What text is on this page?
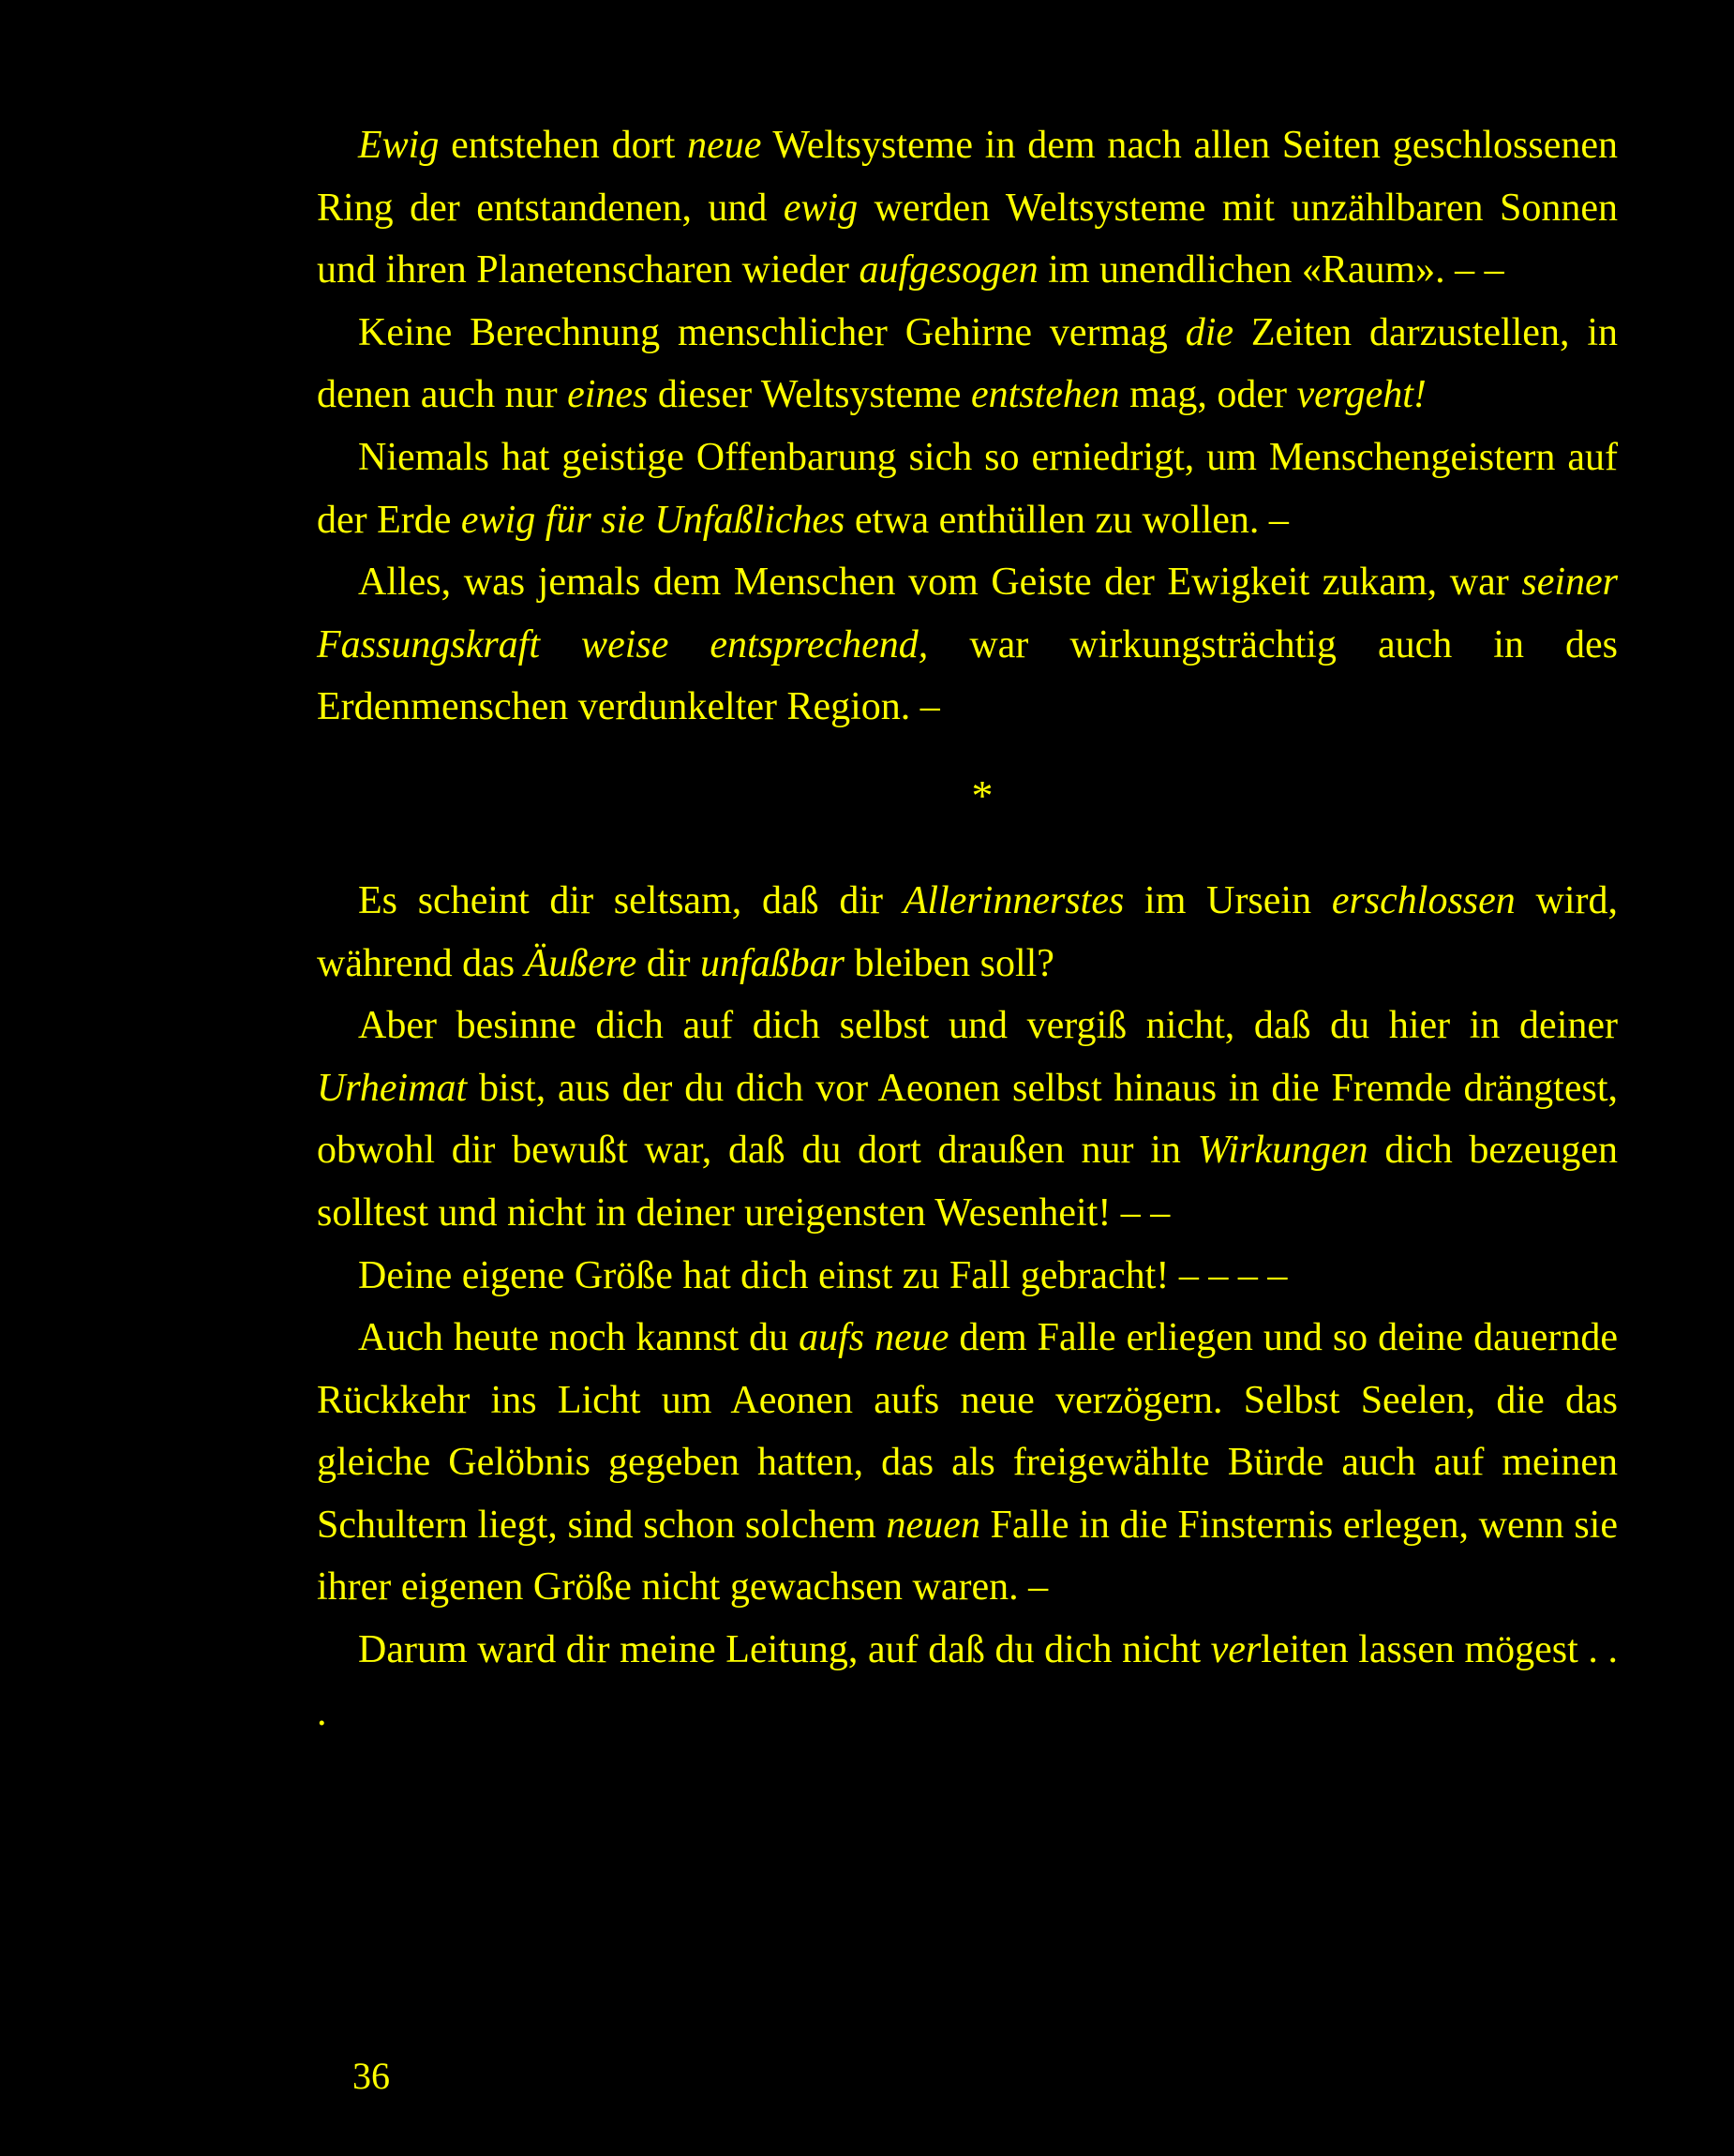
Ewig entstehen dort neue Weltsysteme in dem nach allen Seiten geschlossenen Ring der entstandenen, und ewig werden Weltsysteme mit unzählbaren Sonnen und ihren Planetenscharen wieder aufgesogen im unendlichen «Raum». – –

Keine Berechnung menschlicher Gehirne vermag die Zeiten darzustellen, in denen auch nur eines dieser Weltsysteme entstehen mag, oder vergeht!

Niemals hat geistige Offenbarung sich so erniedrigt, um Menschengeistern auf der Erde ewig für sie Unfaßliches etwa enthüllen zu wollen. –

Alles, was jemals dem Menschen vom Geiste der Ewigkeit zukam, war seiner Fassungskraft weise entsprechend, war wirkungsträchtig auch in des Erdenmenschen verdunkelter Region. –

*

Es scheint dir seltsam, daß dir Allerinnerstes im Ursein erschlossen wird, während das Äußere dir unfaßbar bleiben soll?

Aber besinne dich auf dich selbst und vergiß nicht, daß du hier in deiner Urheimat bist, aus der du dich vor Aeonen selbst hinaus in die Fremde drängtest, obwohl dir bewußt war, daß du dort draußen nur in Wirkungen dich bezeugen solltest und nicht in deiner ureigensten Wesenheit! – –

Deine eigene Größe hat dich einst zu Fall gebracht! – – – –

Auch heute noch kannst du aufs neue dem Falle erliegen und so deine dauernde Rückkehr ins Licht um Aeonen aufs neue verzögern. Selbst Seelen, die das gleiche Gelöbnis gegeben hatten, das als freigewählte Bürde auch auf meinen Schultern liegt, sind schon solchem neuen Falle in die Finsternis erlegen, wenn sie ihrer eigenen Größe nicht gewachsen waren. –

Darum ward dir meine Leitung, auf daß du dich nicht verleiten lassen mögest . . .

36
